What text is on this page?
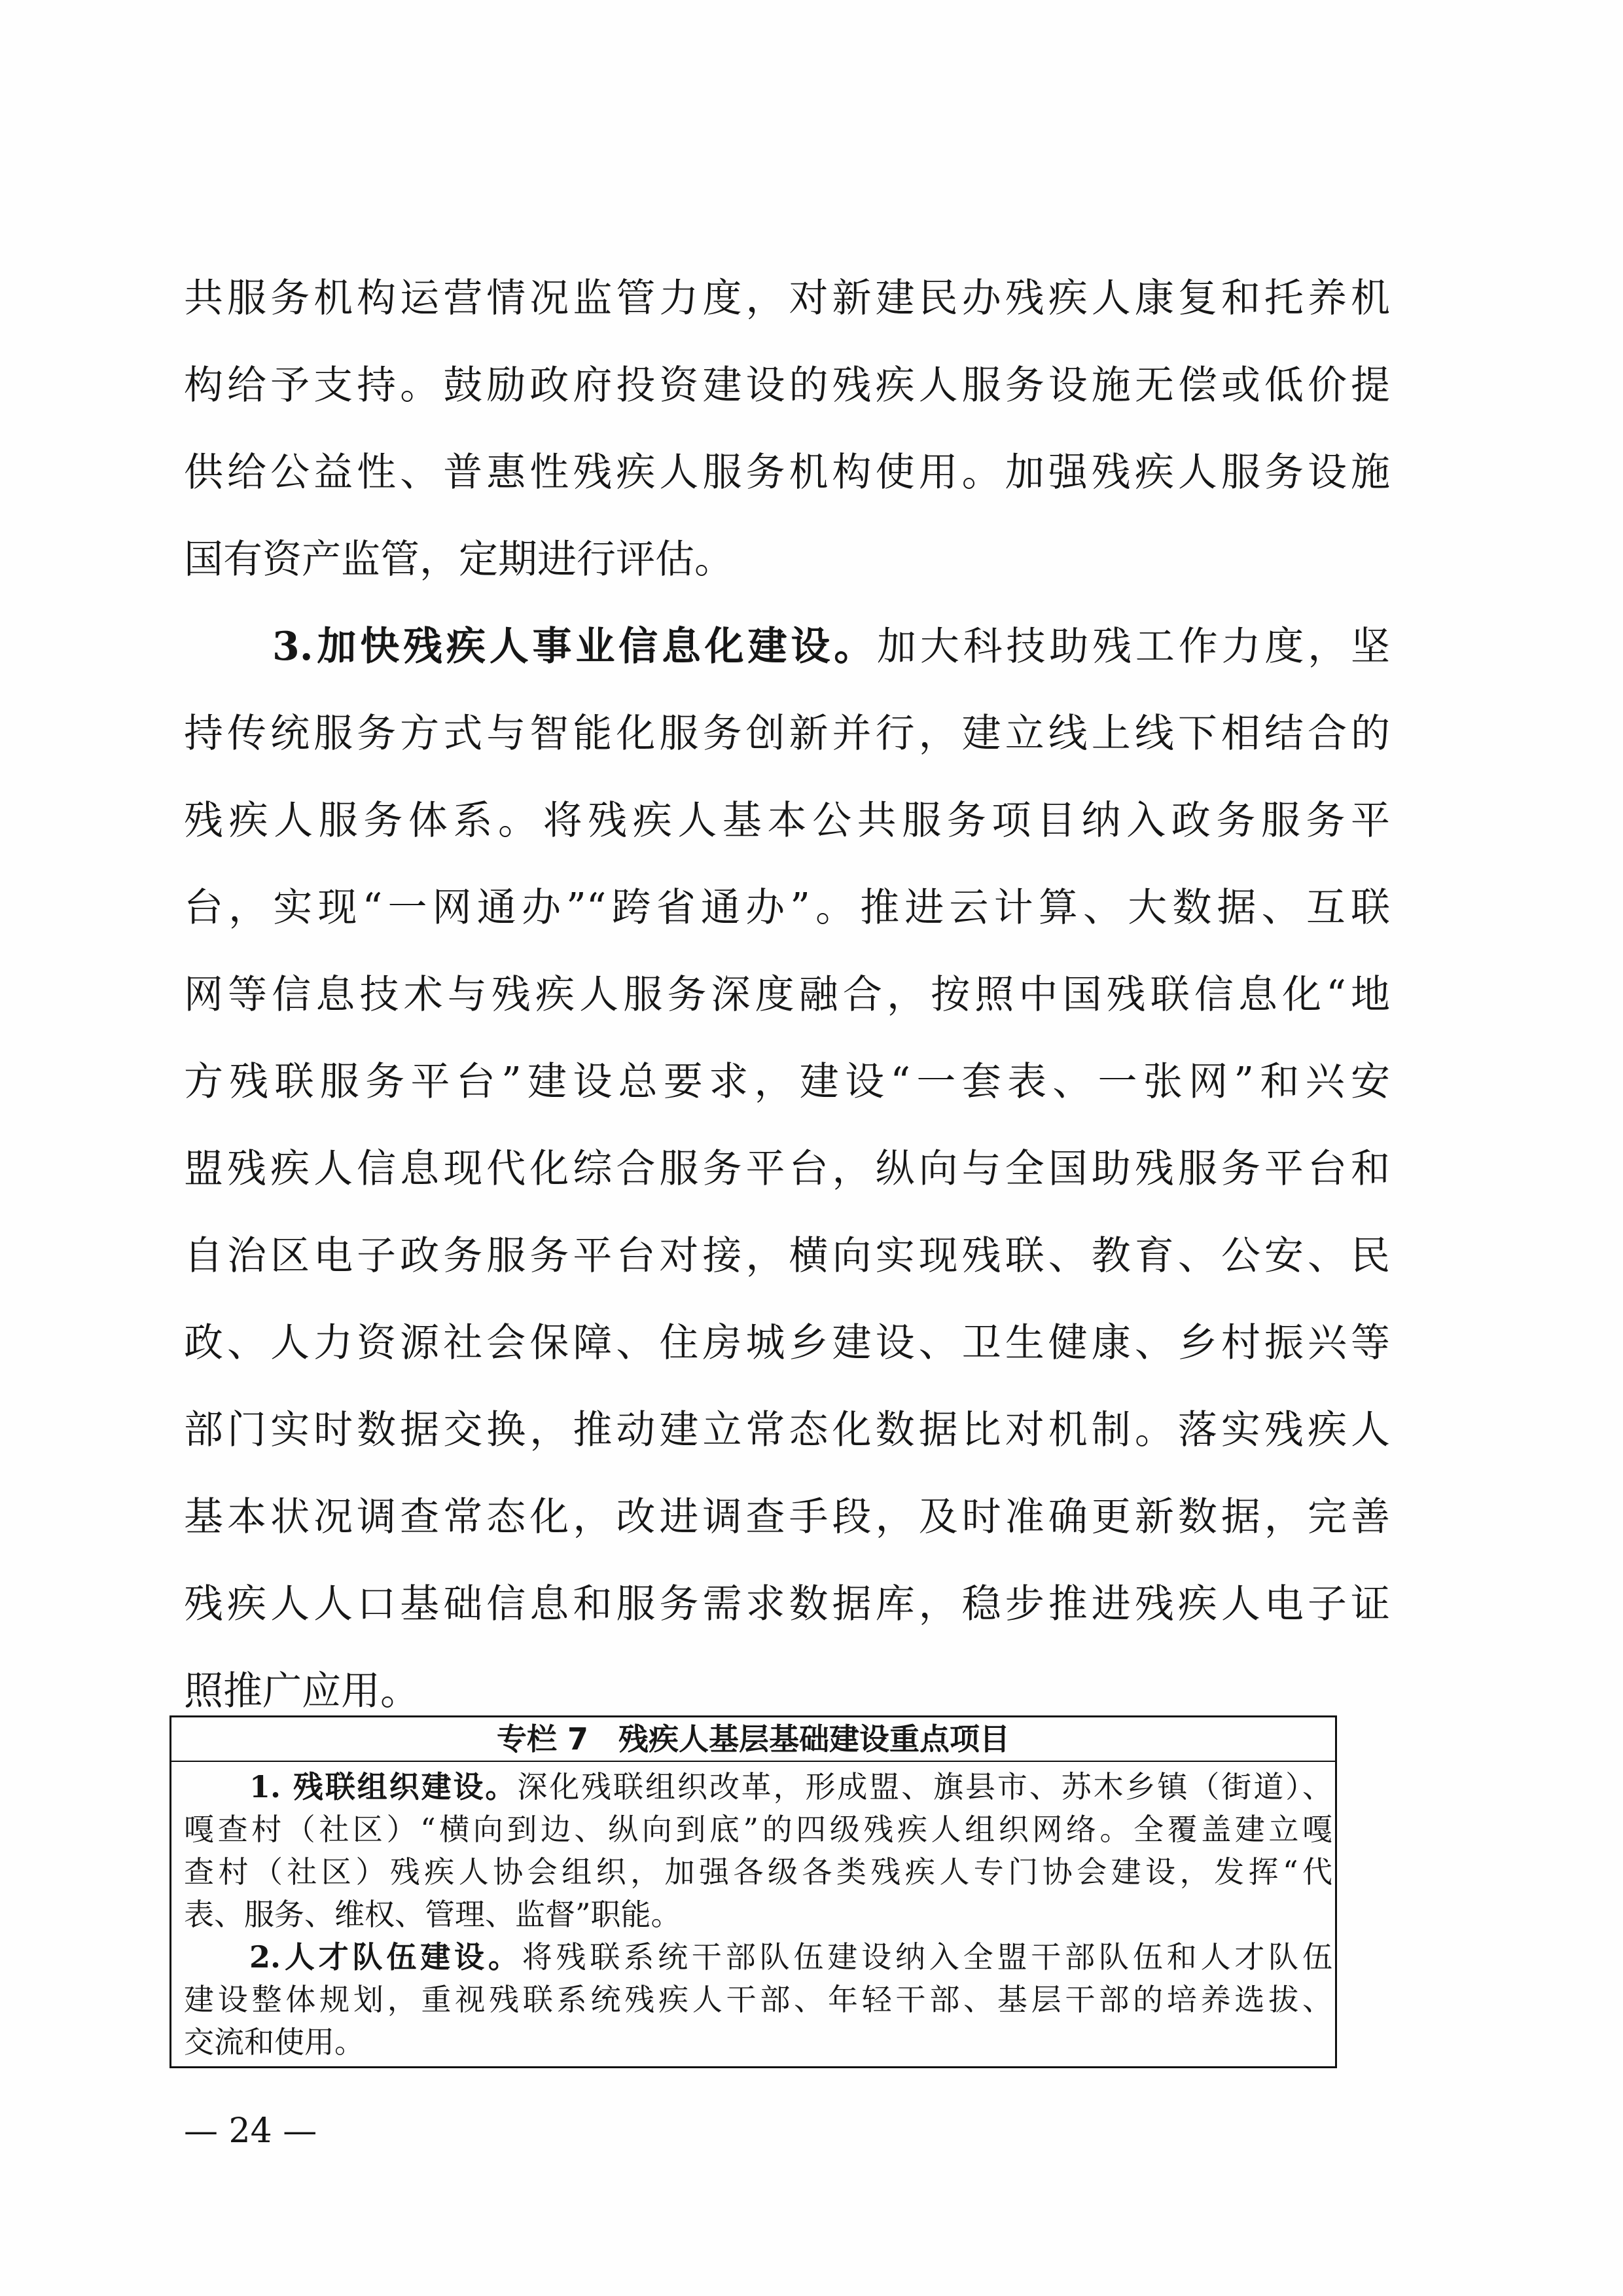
共服务机构运营情况监管力度，对新建民办残疾人康复和托养机
构给予支持。鼓励政府投资建设的残疾人服务设施无偿或低价提
供给公益性、普惠性残疾人服务机构使用。加强残疾人服务设施
国有资产监管，定期进行评估。
3.加快残疾人事业信息化建设。加大科技助残工作力度，坚
持传统服务方式与智能化服务创新并行，建立线上线下相结合的
残疾人服务体系。将残疾人基本公共服务项目纳入政务服务平
台，实现“一网通办”“跨省通办”。推进云计算、大数据、互联
网等信息技术与残疾人服务深度融合，按照中国残联信息化“地
方残联服务平台”建设总要求，建设“一套表、一张网”和兴安
盟残疾人信息现代化综合服务平台，纵向与全国助残服务平台和
自治区电子政务服务平台对接，横向实现残联、教育、公安、民
政、人力资源社会保障、住房城乡建设、卫生健康、乡村振兴等
部门实时数据交换，推动建立常态化数据比对机制。落实残疾人
基本状况调查常态化，改进调查手段，及时准确更新数据，完善
残疾人人口基础信息和服务需求数据库，稳步推进残疾人电子证
照推广应用。
专栏 7　残疾人基层基础建设重点项目
1. 残联组织建设。深化残联组织改革，形成盟、旗县市、苏木乡镇（街道）、
嘎查村（社区）“横向到边、纵向到底”的四级残疾人组织网络。全覆盖建立嘎
查村（社区）残疾人协会组织，加强各级各类残疾人专门协会建设，发挥“代
表、服务、维权、管理、监督”职能。
2.人才队伍建设。将残联系统干部队伍建设纳入全盟干部队伍和人才队伍
建设整体规划，重视残联系统残疾人干部、年轻干部、基层干部的培养选拔、
交流和使用。
— 24 —
